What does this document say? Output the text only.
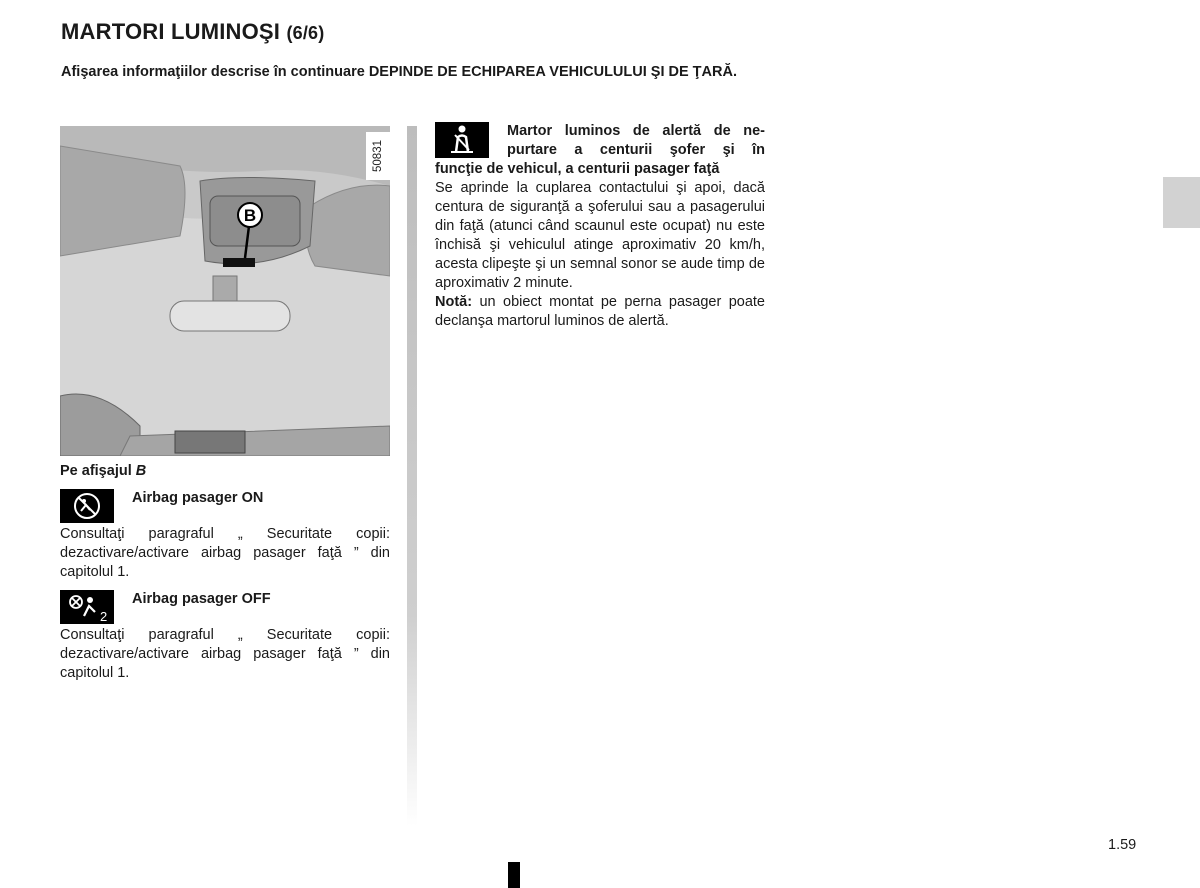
MARTORI LUMINOŞI (6/6)
Afişarea informaţiilor descrise în continuare DEPINDE DE ECHIPAREA VEHICULULUI ŞI DE ŢARĂ.
B
50831
Pe afişajul B
Airbag pasager ON

Consultaţi paragraful „ Securitate copii: dezactivare/activare airbag pasager faţă ” din capitolul 1.

2
Airbag pasager OFF

Consultaţi paragraful „ Securitate copii: dezactivare/activare airbag pasager faţă ” din capitolul 1.

Martor luminos de alertă de ne-
purtare a centurii şofer şi în
funcţie de vehicul, a centurii pasager faţă

Se aprinde la cuplarea contactului şi apoi, dacă centura de siguranţă a şoferului sau a pasagerului din faţă (atunci când scaunul este ocupat) nu este închisă şi vehiculul atinge aproximativ 20 km/h, acesta clipeşte şi un semnal sonor se aude timp de aproximativ 2 minute.

Notă: un obiect montat pe perna pasager poate declanşa martorul luminos de alertă.

1.59
